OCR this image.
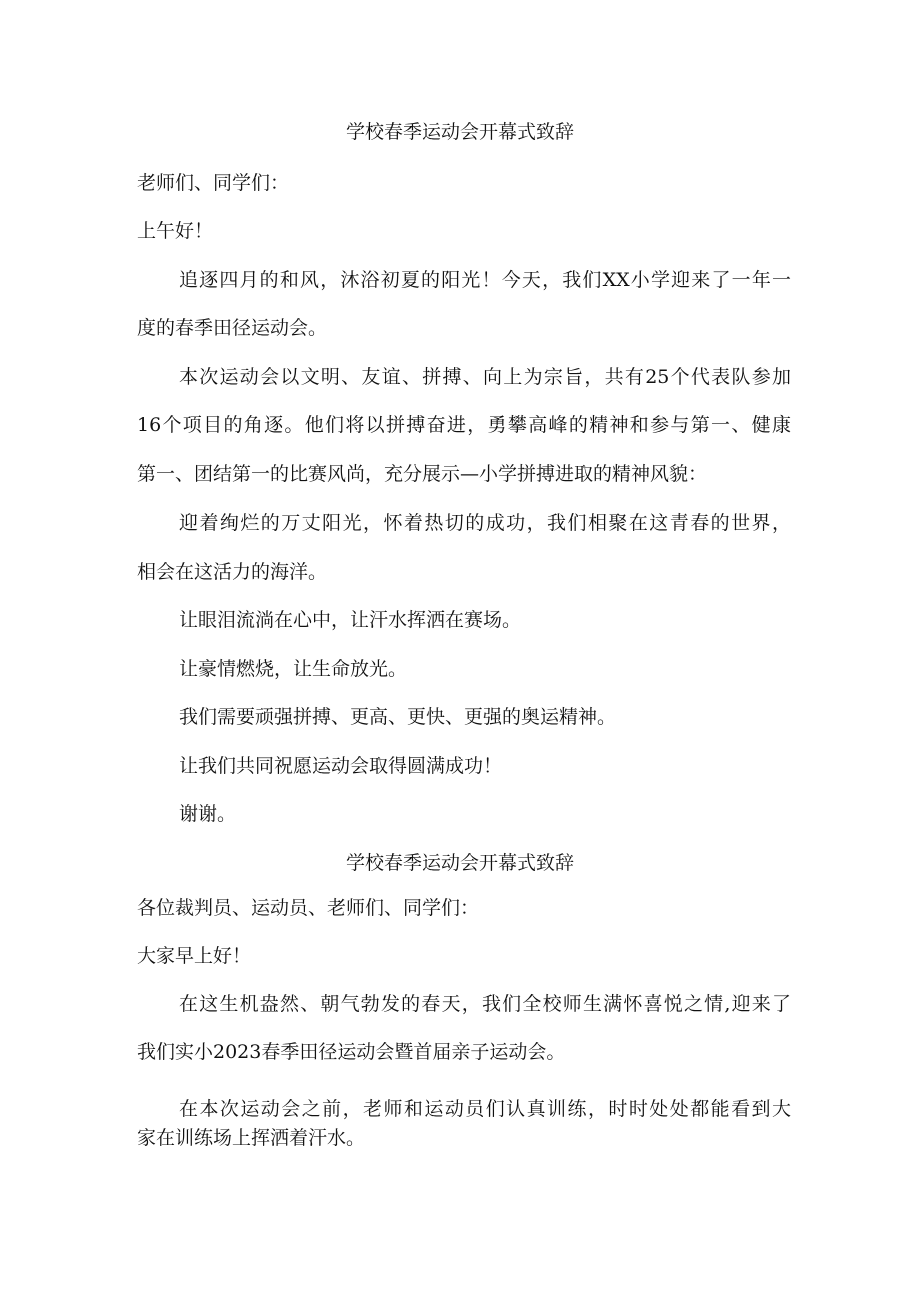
学校春季运动会开幕式致辞

老师们、同学们：

上午好！

追逐四月的和风，沐浴初夏的阳光！今天，我们XX小学迎来了一年一

度的春季田径运动会。

本次运动会以文明、友谊、拼搏、向上为宗旨，共有25个代表队参加

16个项目的角逐。他们将以拼搏奋进，勇攀高峰的精神和参与第一、健康

第一、团结第一的比赛风尚，充分展示—小学拼搏进取的精神风貌：

迎着绚烂的万丈阳光，怀着热切的成功，我们相聚在这青春的世界，

相会在这活力的海洋。

让眼泪流淌在心中，让汗水挥洒在赛场。

让豪情燃烧，让生命放光。

我们需要顽强拼搏、更高、更快、更强的奥运精神。

让我们共同祝愿运动会取得圆满成功！

谢谢。

学校春季运动会开幕式致辞

各位裁判员、运动员、老师们、同学们：

大家早上好！

在这生机盎然、朝气勃发的春天，我们全校师生满怀喜悦之情,迎来了

我们实小2023春季田径运动会暨首届亲子运动会。

在本次运动会之前，老师和运动员们认真训练，时时处处都能看到大

家在训练场上挥洒着汗水。
